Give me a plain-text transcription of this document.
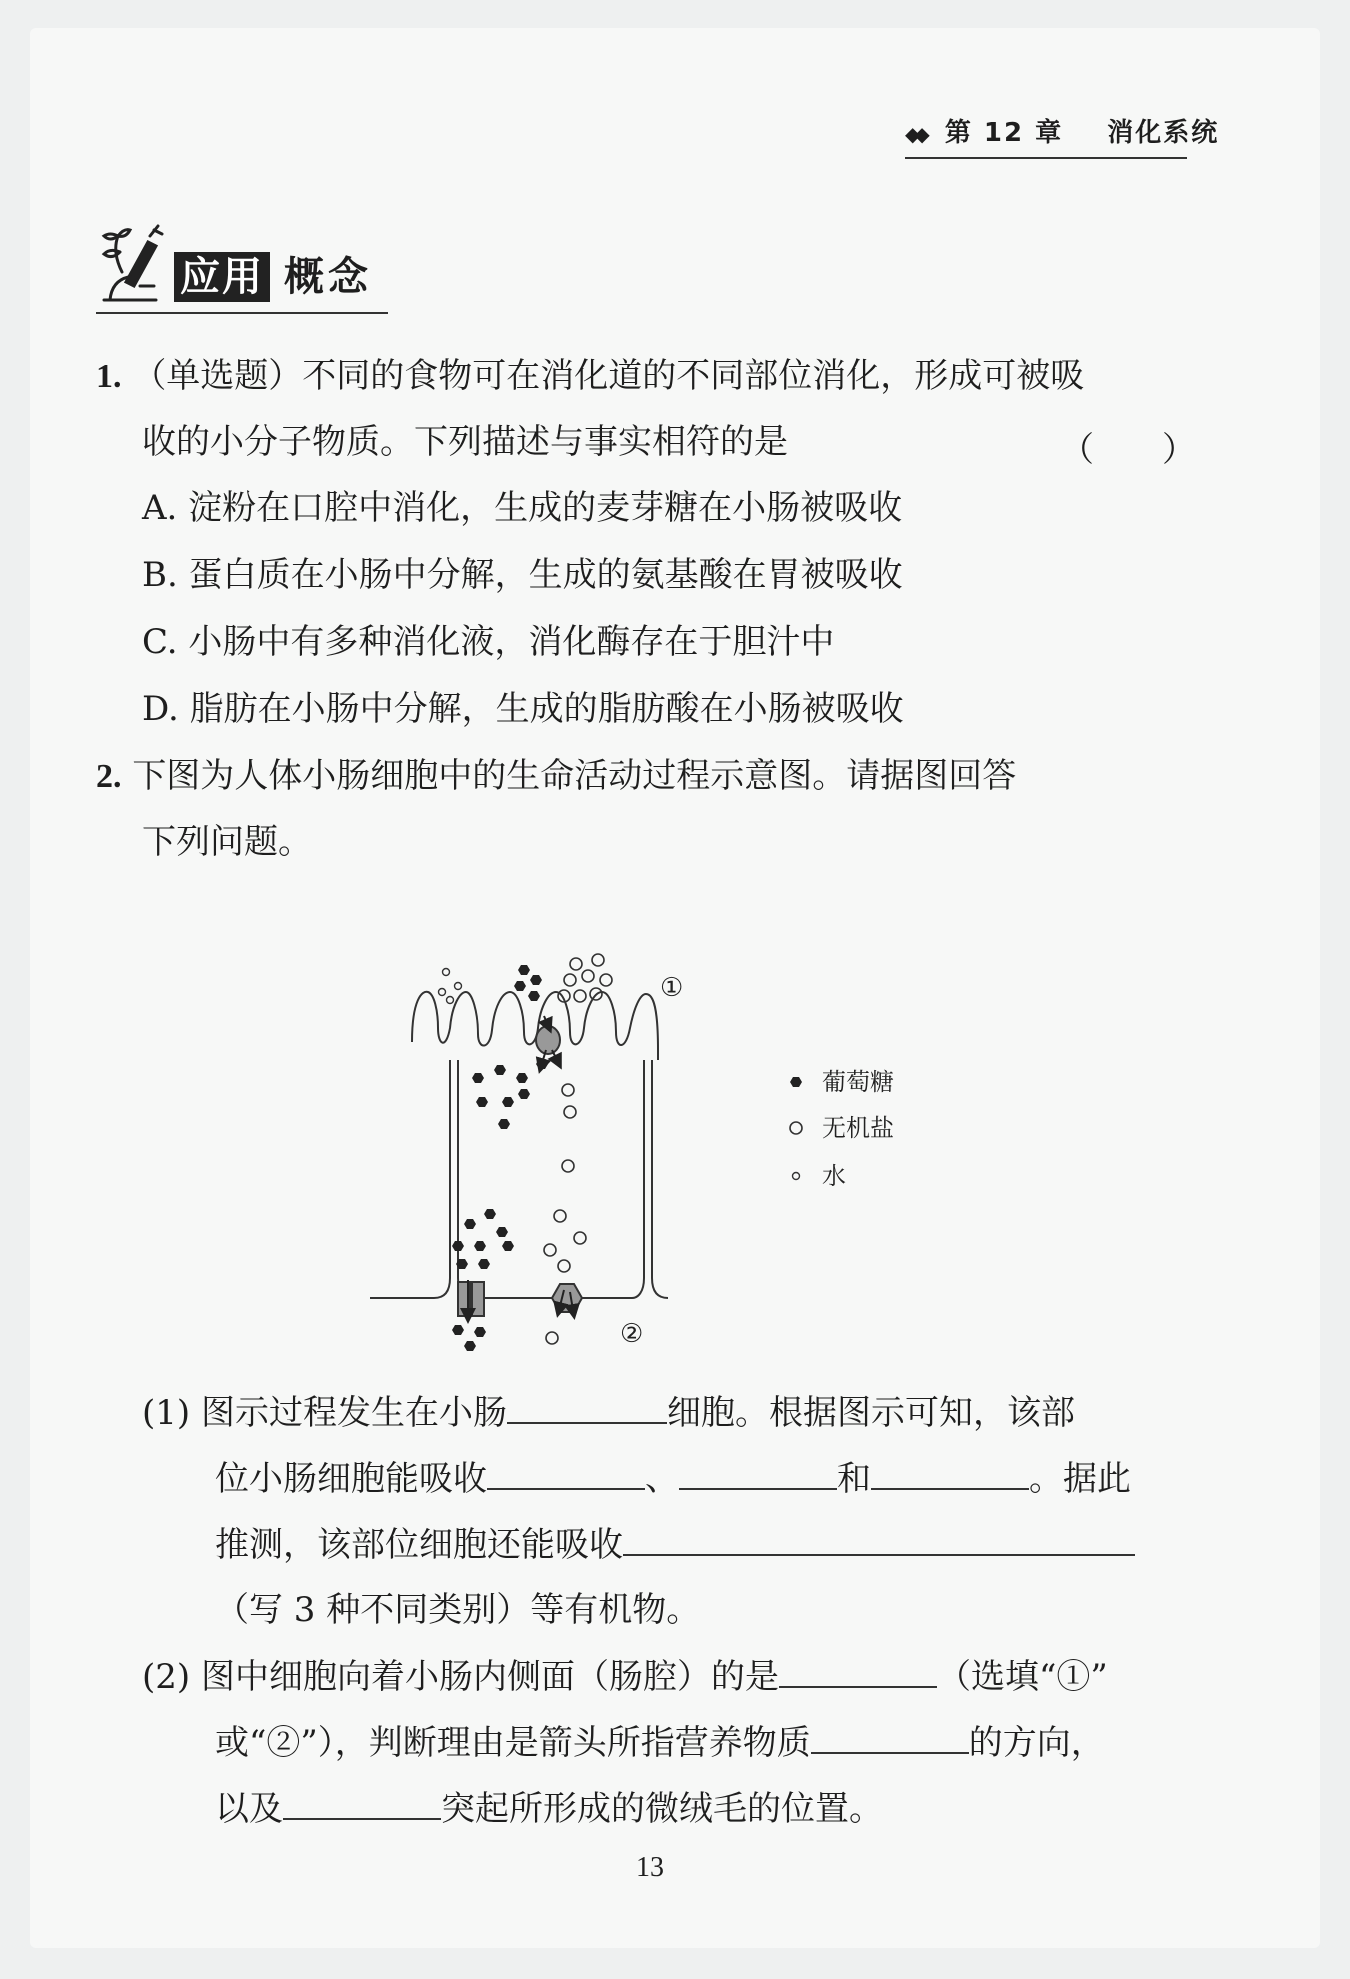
◆◆ 第 12 章 消化系统
应用 概念
1. （单选题）不同的食物可在消化道的不同部位消化，形成可被吸
收的小分子物质。下列描述与事实相符的是	（　　）
A. 淀粉在口腔中消化，生成的麦芽糖在小肠被吸收
B. 蛋白质在小肠中分解，生成的氨基酸在胃被吸收
C. 小肠中有多种消化液，消化酶存在于胆汁中
D. 脂肪在小肠中分解，生成的脂肪酸在小肠被吸收
2. 下图为人体小肠细胞中的生命活动过程示意图。请据图回答
下列问题。
①
②
葡萄糖
无机盐
水
(1) 图示过程发生在小肠	细胞。根据图示可知，该部
位小肠细胞能吸收	、	和	。据此
推测，该部位细胞还能吸收
（写 3 种不同类别）等有机物。
(2) 图中细胞向着小肠内侧面（肠腔）的是	（选填“①”
或“②”），判断理由是箭头所指营养物质	的方向，
以及	突起所形成的微绒毛的位置。
13
